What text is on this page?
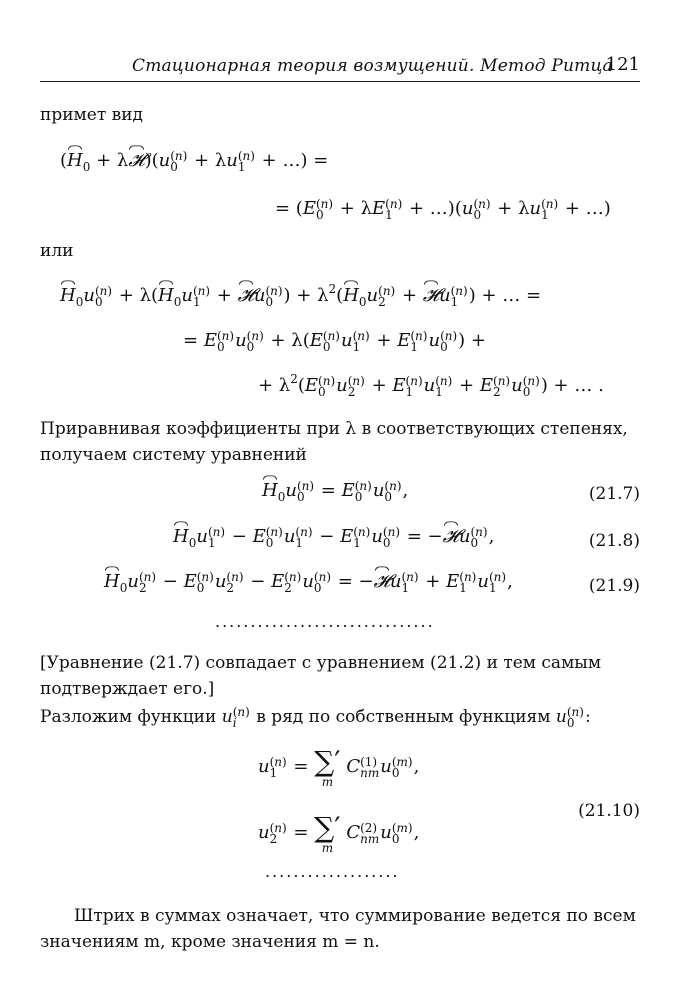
Стационарная теория возмущений. Метод Ритца
121
примет вид
($H_0$ + λ𝓗)(u (n)
0 + λu (n)
1 + …) =
= (E (n)
0 + λE (n)
1 + …)(u (n)
0 + λu (n)
1 + …)
или
$H_0u$ (n)
$0 + \lambda(H_0u$ (n)
1 + 𝓗u (n)
0 ) + $\lambda^2(H_0u$ (n)
2 + 𝓗u (n)
1 ) + … =
= E (n)
0 u (n)
0 + λ(E (n)
0 u (n)
1 + E (n)
1 u (n)
0 ) +
+ $\lambda^2(E$ (n)
0 u (n)
2 + E (n)
1 u (n)
1 + E (n)
2 u (n)
0 ) + … .
Приравнивая коэффициенты при λ в соответствующих степенях, получаем систему уравнений
$H_0u$ (n)
0 = E (n)
0 u (n)
0 ,	(21.7)
$H_0u$ (n)
1 − E (n)
0 u (n)
1 − E (n)
1 u (n)
0 = −𝓗u (n)
0 ,	(21.8)
$H_0u$ (n)
2 − E (n)
0 u (n)
2 − E (n)
2 u (n)
0 = −𝓗u (n)
1 + E (n)
1 u (n)
1 ,	(21.9)
...............................
[Уравнение (21.7) совпадает с уравнением (21.2) и тем самым подтверждает его.]
Разложим функции u (n)
i	в ряд по собственным функциям u (n)
0 :
u (n)
1 = ∑′
m
C (1)
nm u (m)
0 ,
u (n)
2 = ∑′
m
C (2)
nm u (m)
0 ,
(21.10)
...................
Штрих в суммах означает, что суммирование ведется по всем значениям m, кроме значения m = n.
